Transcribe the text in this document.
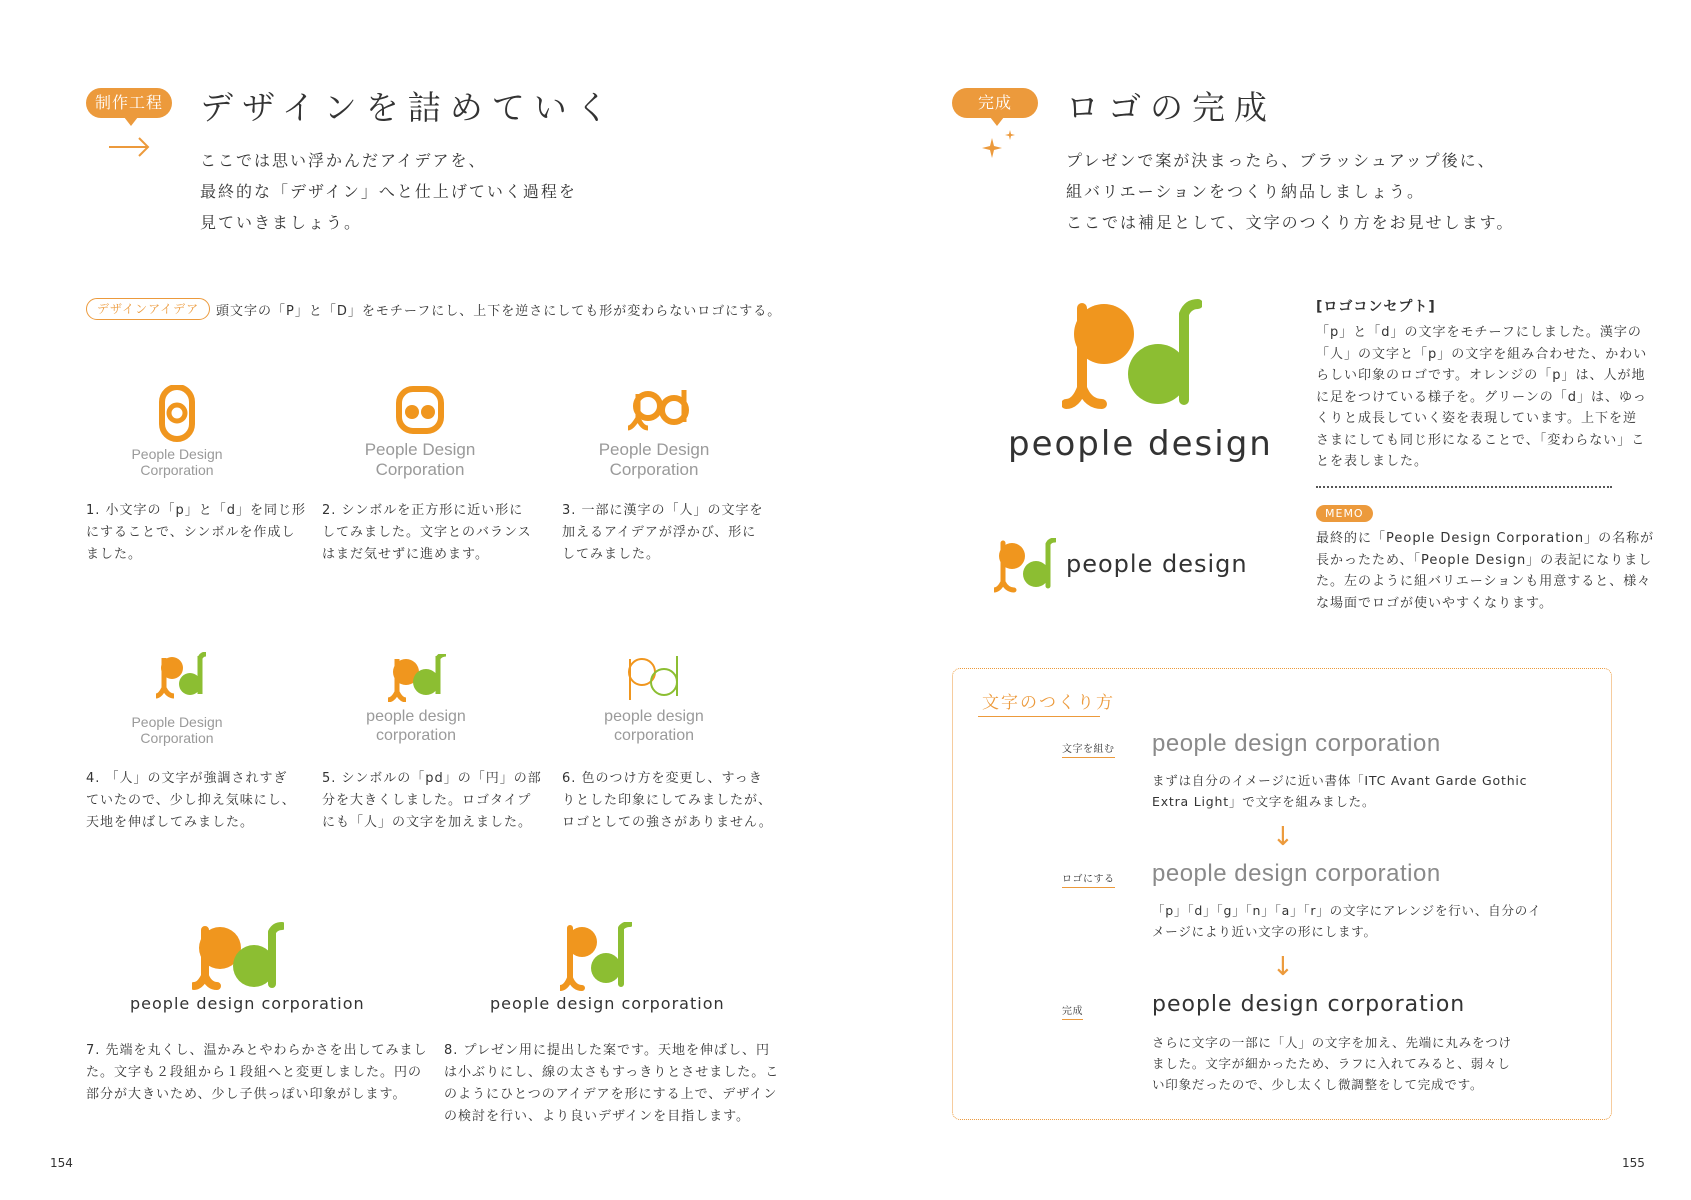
制作工程 デザインを詰めていく
ここでは思い浮かんだアイデアを、
最終的な「デザイン」へと仕上げていく過程を
見ていきましょう。
デザインアイデア	頭文字の「P」と「D」をモチーフにし、上下を逆さにしても形が変わらないロゴにする。
People Design
Corporation
1. 小文字の「p」と「d」を同じ形
にすることで、シンボルを作成し
ました。
People Design
Corporation
2. シンボルを正方形に近い形に
してみました。文字とのバランス
はまだ気せずに進めます。
People Design
Corporation
3. 一部に漢字の「人」の文字を
加えるアイデアが浮かび、形に
してみました。
People Design
Corporation
4. 「人」の文字が強調されすぎ
ていたので、少し抑え気味にし、
天地を伸ばしてみました。
people design
corporation
5. シンボルの「pd」の「円」の部
分を大きくしました。ロゴタイプ
にも「人」の文字を加えました。
people design
corporation
6. 色のつけ方を変更し、すっき
りとした印象にしてみましたが、
ロゴとしての強さがありません。
people design corporation
7. 先端を丸くし、温かみとやわらかさを出してみまし
た。文字も２段組から１段組へと変更しました。円の
部分が大きいため、少し子供っぽい印象がします。
people design corporation
8. プレゼン用に提出した案です。天地を伸ばし、円
は小ぶりにし、線の太さもすっきりとさせました。こ
のようにひとつのアイデアを形にする上で、デザイン
の検討を行い、より良いデザインを目指します。
154
完成	ロゴの完成
プレゼンで案が決まったら、ブラッシュアップ後に、
組バリエーションをつくり納品しましょう。
ここでは補足として、文字のつくり方をお見せします。
people design
people design
[ロゴコンセプト]
「p」と「d」の文字をモチーフにしました。漢字の
「人」の文字と「p」の文字を組み合わせた、かわい
らしい印象のロゴです。オレンジの「p」は、人が地
に足をつけている様子を。グリーンの「d」は、ゆっ
くりと成長していく姿を表現しています。上下を逆
さまにしても同じ形になることで、「変わらない」こ
とを表しました。
MEMO
最終的に「People Design Corporation」の名称が
長かったため、「People Design」の表記になりまし
た。左のように組バリエーションも用意すると、様々
な場面でロゴが使いやすくなります。
文字のつくり方
文字を組む people design corporation
まずは自分のイメージに近い書体「ITC Avant Garde Gothic
Extra Light」で文字を組みました。
↓
ロゴにする people design corporation
「p」「d」「g」「n」「a」「r」の文字にアレンジを行い、自分のイ
メージにより近い文字の形にします。
↓
完成	people design corporation
さらに文字の一部に「人」の文字を加え、先端に丸みをつけ
ました。文字が細かったため、ラフに入れてみると、弱々し
い印象だったので、少し太くし微調整をして完成です。
155
